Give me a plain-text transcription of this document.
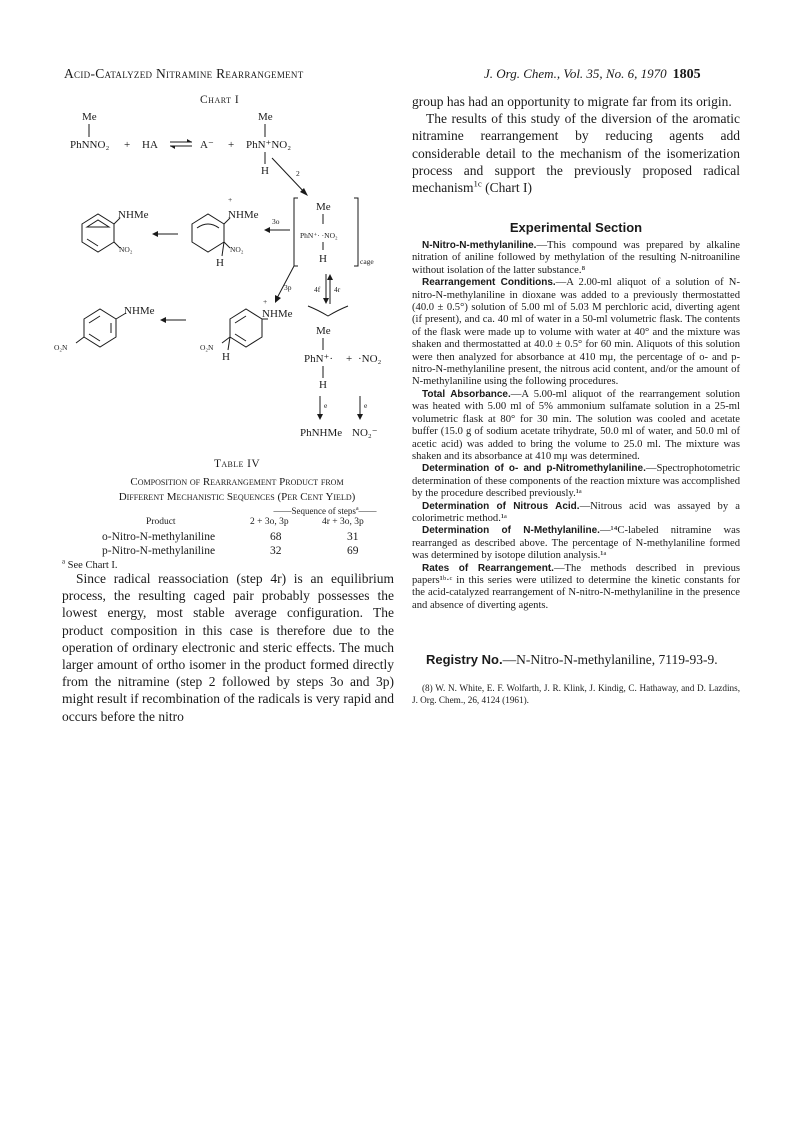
Acid-Catalyzed Nitramine Rearrangement	J. Org. Chem., Vol. 35, No. 6, 1970 1805
Chart I
Me
PhNNO₂ + HA	A⁻ +
Me
PhN⁺NO₂
H	2
NHMe
NO₂
+
NHMe
NO₂
H
3o
Me
PhN⁺· ·NO₂
H	cage
3p	4f 4r
NHMe
O₂N
+
NHMe
O₂N
H
Me
PhN⁺· + ·NO₂
H
e	e
PhNHMe NO₂⁻
Table IV
Composition of Rearrangement Product from
Different Mechanistic Sequences (Per Cent Yield)
——Sequence of steps$^a$——
Product	2 + 3o, 3p	4r + 3o, 3p
o-Nitro-N-methylaniline	68	31
p-Nitro-N-methylaniline	32	69
$^a$ See Chart I.
Since radical reassociation (step 4r) is an equilibrium process, the resulting caged pair probably possesses the lowest energy, most stable average configuration. The product composition in this case is therefore due to the operation of ordinary electronic and steric effects. The much larger amount of ortho isomer in the product formed directly from the nitramine (step 2 followed by steps 3o and 3p) might result if recombination of the radicals is very rapid and occurs before the nitro

group has had an opportunity to migrate far from its origin.

The results of this study of the diversion of the aromatic nitramine rearrangement by reducing agents add considerable detail to the mechanism of the isomerization process and support the previously proposed radical mechanism$^{1c}$ (Chart I)

Experimental Section

N-Nitro-N-methylaniline.—This compound was prepared by alkaline nitration of aniline followed by methylation of the resulting N-nitroaniline without isolation of the latter substance.⁸

Rearrangement Conditions.—A 2.00-ml aliquot of a solution of N-nitro-N-methylaniline in dioxane was added to a previously thermostatted (40.0 ± 0.5°) solution of 5.00 ml of 5.03 M perchloric acid, diverting agent (if present), and ca. 40 ml of water in a 50-ml volumetric flask. The contents of the flask were made up to volume with water at 40° and the mixture was shaken and thermostatted at 40.0 ± 0.5° for 60 min. Aliquots of this solution were then analyzed for absorbance at 410 mμ, the percentage of o- and p-nitro-N-methylaniline present, the nitrous acid content, and/or the amount of N-methylaniline using the following procedures.

Total Absorbance.—A 5.00-ml aliquot of the rearrangement solution was heated with 5.00 ml of 5% ammonium sulfamate solution in a 25-ml volumetric flask at 80° for 30 min. The solution was cooled and acetate buffer (15.0 g of sodium acetate trihydrate, 50.0 ml of water, and 50.0 ml of acetic acid) was added to bring the volume to 25.0 ml. The mixture was shaken and its absorbance at 410 mμ was determined.

Determination of o- and p-Nitromethylaniline.—Spectrophotometric determination of these components of the reaction mixture was accomplished by the procedure described previously.¹ᵃ

Determination of Nitrous Acid.—Nitrous acid was assayed by a colorimetric method.¹ᵃ

Determination of N-Methylaniline.—¹⁴C-labeled nitramine was rearranged as described above. The percentage of N-methylaniline formed was determined by isotope dilution analysis.¹ᵃ

Rates of Rearrangement.—The methods described in previous papers¹ᵇ·ᶜ in this series were utilized to determine the kinetic constants for the acid-catalyzed rearrangement of N-nitro-N-methylaniline in the presence and absence of diverting agents.

Registry No.—N-Nitro-N-methylaniline, 7119-93-9.
(8) W. N. White, E. F. Wolfarth, J. R. Klink, J. Kindig, C. Hathaway, and D. Lazdins, J. Org. Chem., 26, 4124 (1961).
